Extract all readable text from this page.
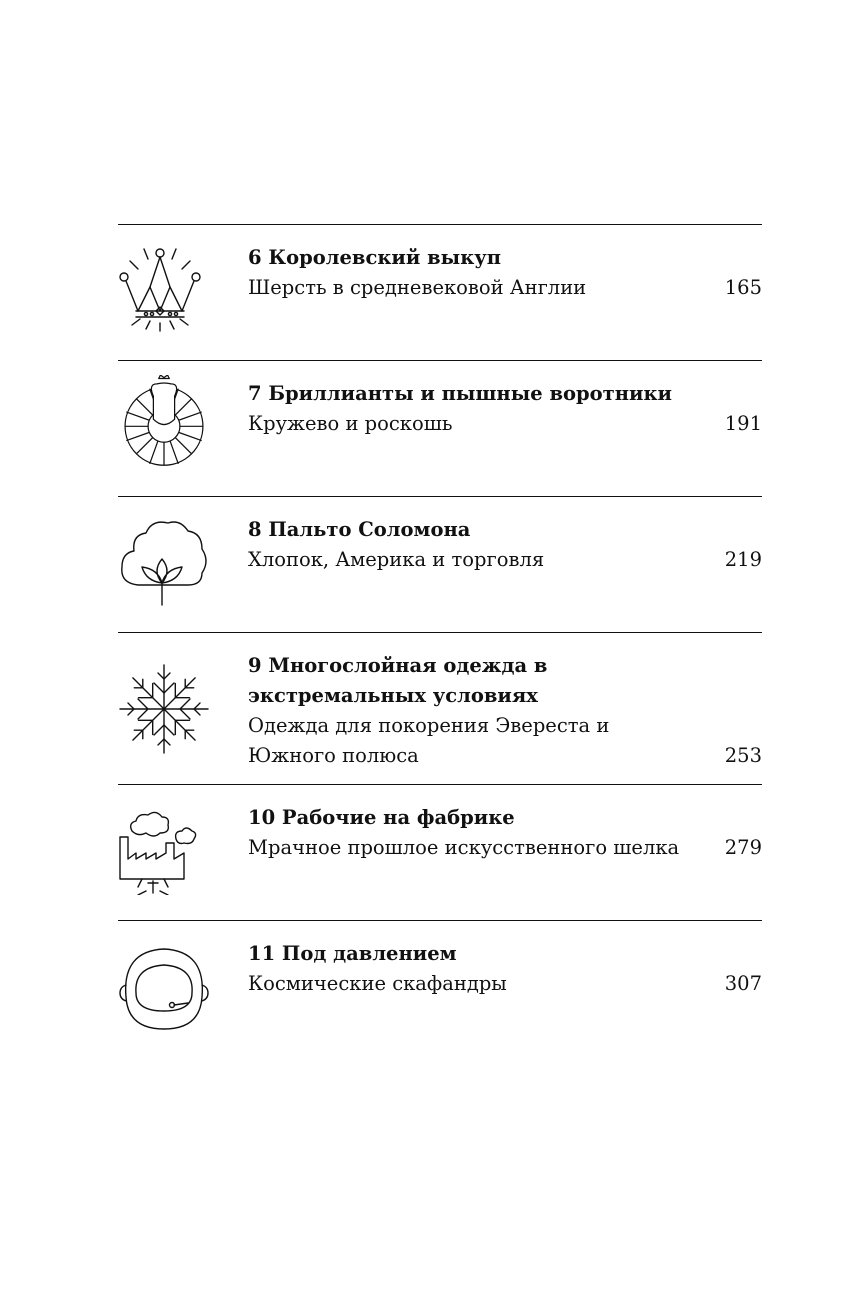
6 Королевский выкуп
Шерсть в средневековой Англии	165
7 Бриллианты и пышные воротники
Кружево и роскошь	191
8 Пальто Соломона
Хлопок, Америка и торговля	219
9 Многослойная одежда в экстремальных условиях
Одежда для покорения Эвереста и Южного полюса	253
10 Рабочие на фабрике
Мрачное прошлое искусственного шелка	279
11 Под давлением
Космические скафандры	307
